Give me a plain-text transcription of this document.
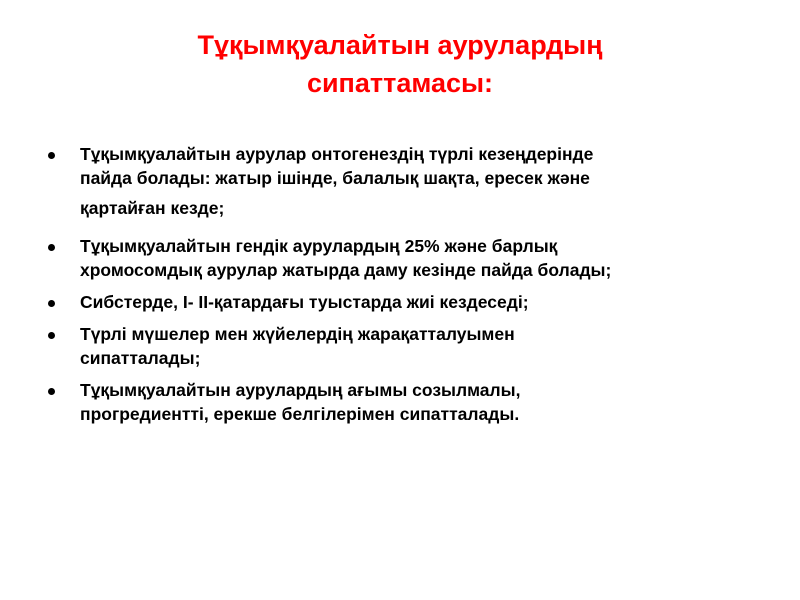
Тұқымқуалайтын аурулардың
сипаттамасы:
Тұқымқуалайтын аурулар онтогенездің түрлі кезеңдерінде
пайда болады: жатыр ішінде, балалық шақта, ересек және
қартайған кезде;
Тұқымқуалайтын гендік аурулардың 25% және барлық
хромосомдық аурулар жатырда даму кезінде пайда болады;
Сибстерде, I- II-қатардағы туыстарда жиі кездеседі;
Түрлі мүшелер мен жүйелердің жарақатталуымен
сипатталады;
Тұқымқуалайтын аурулардың ағымы созылмалы,
прогредиентті, ерекше белгілерімен сипатталады.
